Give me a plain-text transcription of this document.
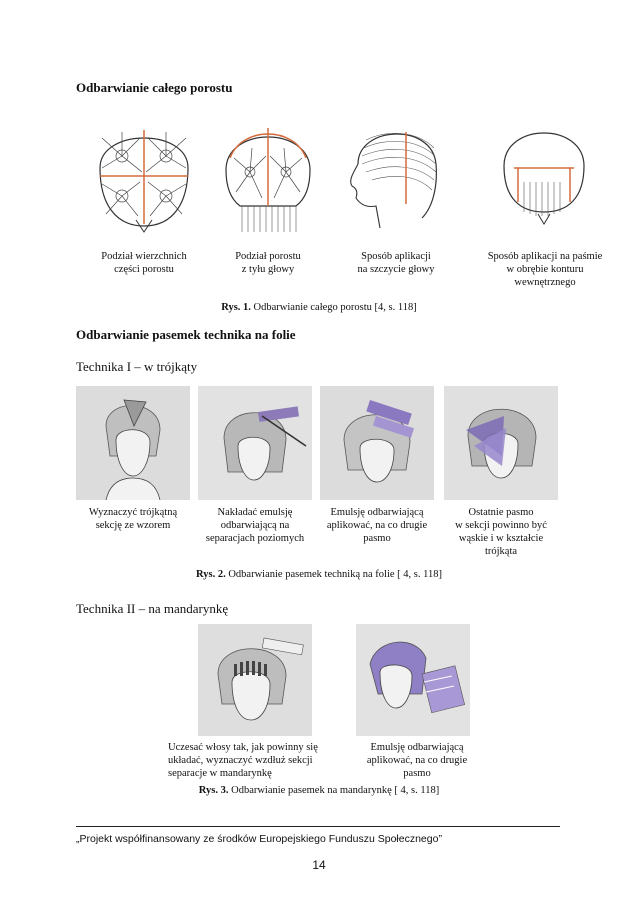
Odbarwianie całego porostu
Podział wierzchnich
części porostu
Podział porostu
z tyłu głowy
Sposób aplikacji
na szczycie głowy
Sposób aplikacji na paśmie
w obrębie konturu
wewnętrznego
Rys. 1. Odbarwianie całego porostu [4, s. 118]
Odbarwianie pasemek technika na folie
Technika I – w trójkąty
Wyznaczyć trójkątną
sekcję ze wzorem
Nakładać emulsję
odbarwiającą na
separacjach poziomych
Emulsję odbarwiającą
aplikować, na co drugie
pasmo
Ostatnie pasmo
w sekcji powinno być
wąskie i w kształcie
trójkąta
Rys. 2. Odbarwianie pasemek techniką na folie [ 4, s. 118]
Technika II – na mandarynkę
Uczesać włosy tak, jak powinny się
układać, wyznaczyć wzdłuż sekcji
separacje w mandarynkę
Emulsję odbarwiającą
aplikować, na co drugie
pasmo
Rys. 3. Odbarwianie pasemek na mandarynkę [ 4, s. 118]
„Projekt współfinansowany ze środków Europejskiego Funduszu Społecznego”
14
